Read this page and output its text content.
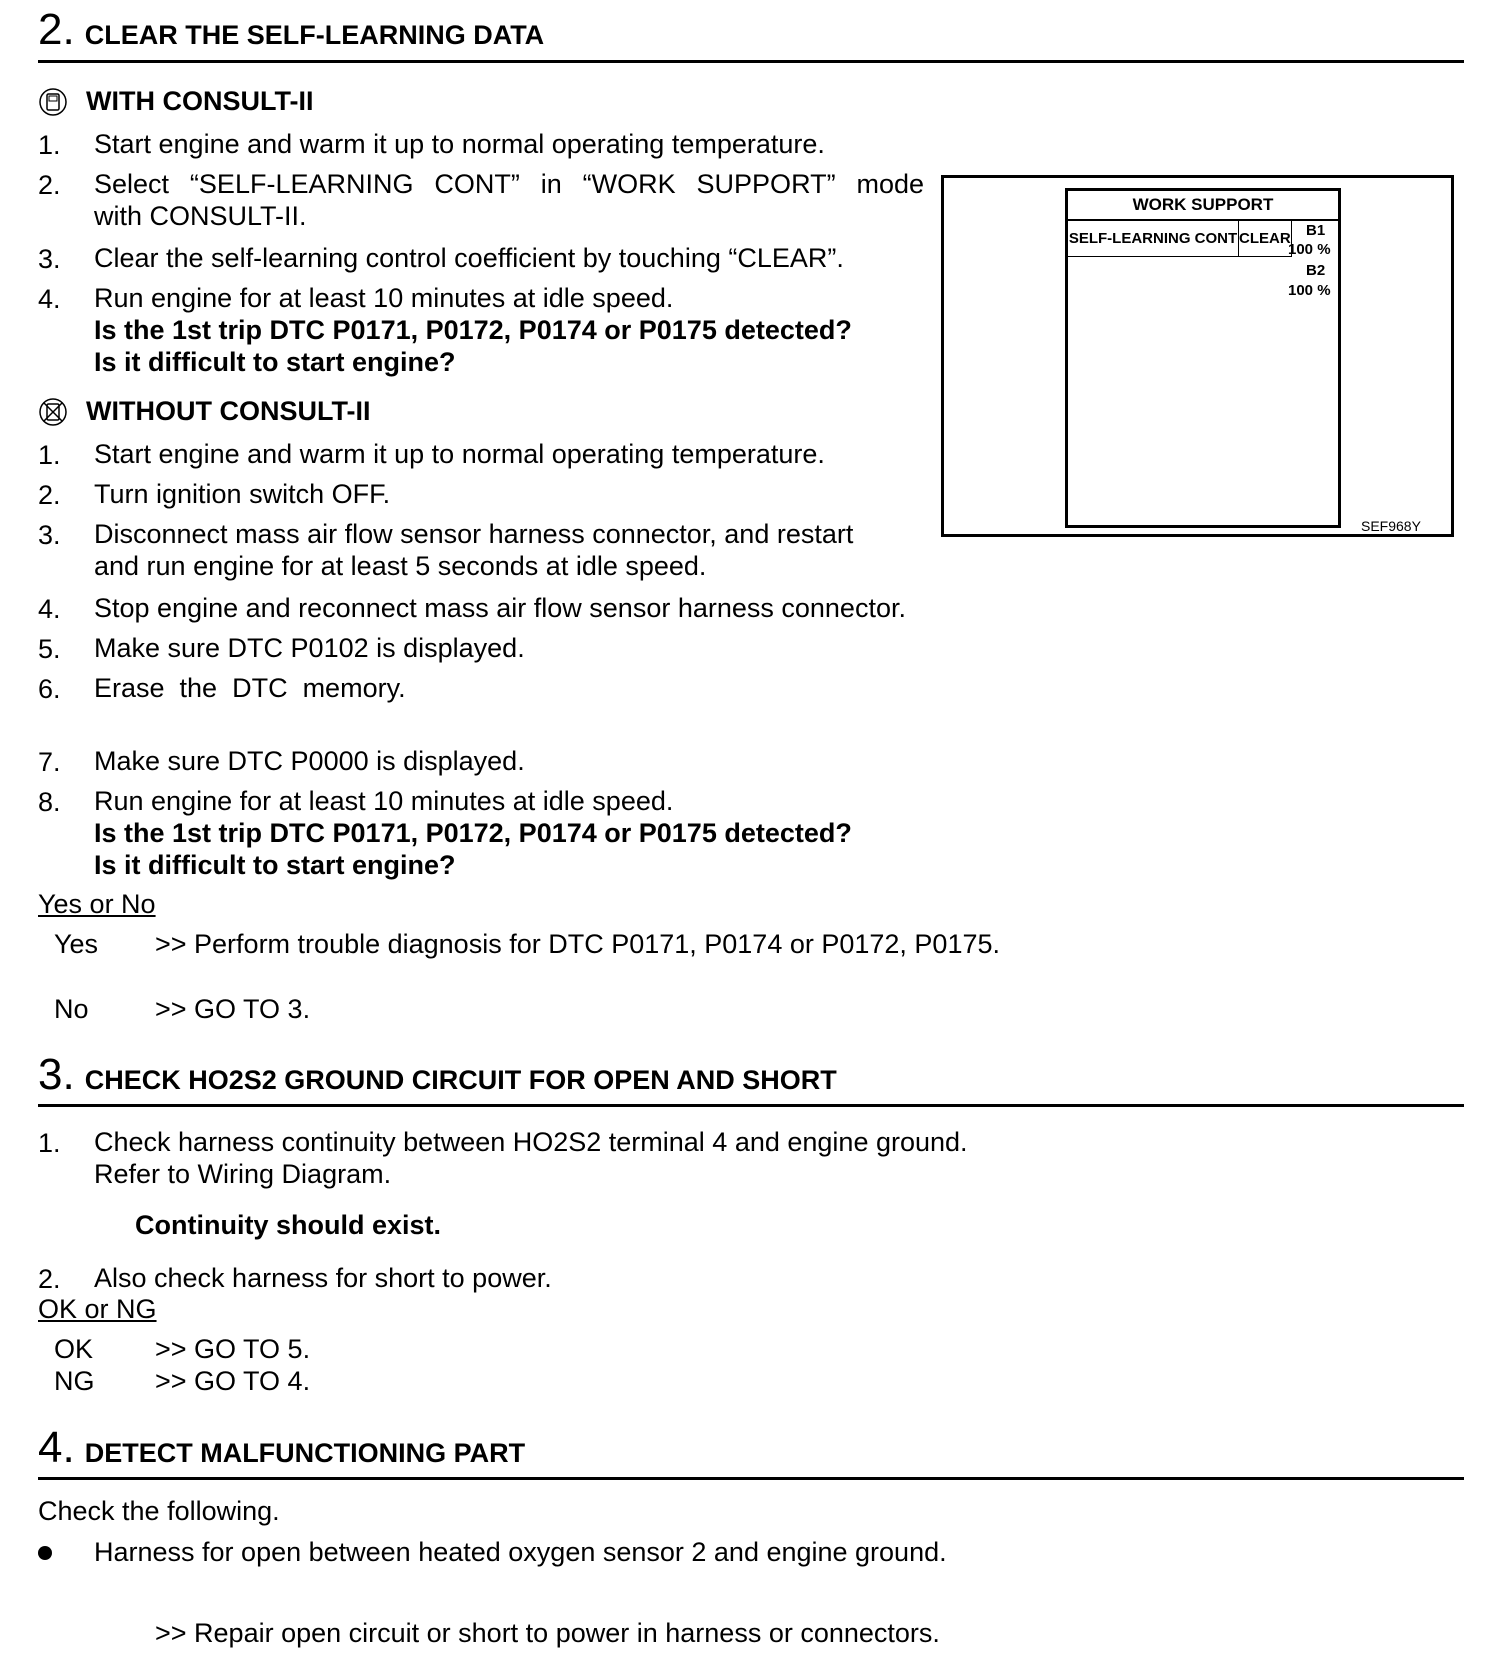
2. CLEAR THE SELF-LEARNING DATA
WITH CONSULT-II
1. Start engine and warm it up to normal operating temperature.
2. Select “SELF-LEARNING CONT” in “WORK SUPPORT” mode
with CONSULT-II.
3. Clear the self-learning control coefficient by touching “CLEAR”.
4. Run engine for at least 10 minutes at idle speed.
Is the 1st trip DTC P0171, P0172, P0174 or P0175 detected?
Is it difficult to start engine?
WITHOUT CONSULT-II
1. Start engine and warm it up to normal operating temperature.
2. Turn ignition switch OFF.
3. Disconnect mass air flow sensor harness connector, and restart
and run engine for at least 5 seconds at idle speed.
4. Stop engine and reconnect mass air flow sensor harness connector.
5. Make sure DTC P0102 is displayed.
6. Erase  the  DTC  memory.
7. Make sure DTC P0000 is displayed.
8. Run engine for at least 10 minutes at idle speed.
Is the 1st trip DTC P0171, P0172, P0174 or P0175 detected?
Is it difficult to start engine?
Yes or No
Yes >> Perform trouble diagnosis for DTC P0171, P0174 or P0172, P0175.
No >> GO TO 3.
WORK SUPPORT
SELF-LEARNING CONT CLEAR B1
100 %
B2
100 %
SEF968Y
3. CHECK HO2S2 GROUND CIRCUIT FOR OPEN AND SHORT
1. Check harness continuity between HO2S2 terminal 4 and engine ground.
Refer to Wiring Diagram.
Continuity should exist.
2. Also check harness for short to power.
OK or NG
OK >> GO TO 5.
NG >> GO TO 4.
4. DETECT MALFUNCTIONING PART
Check the following.
Harness for open between heated oxygen sensor 2 and engine ground.
>> Repair open circuit or short to power in harness or connectors.
